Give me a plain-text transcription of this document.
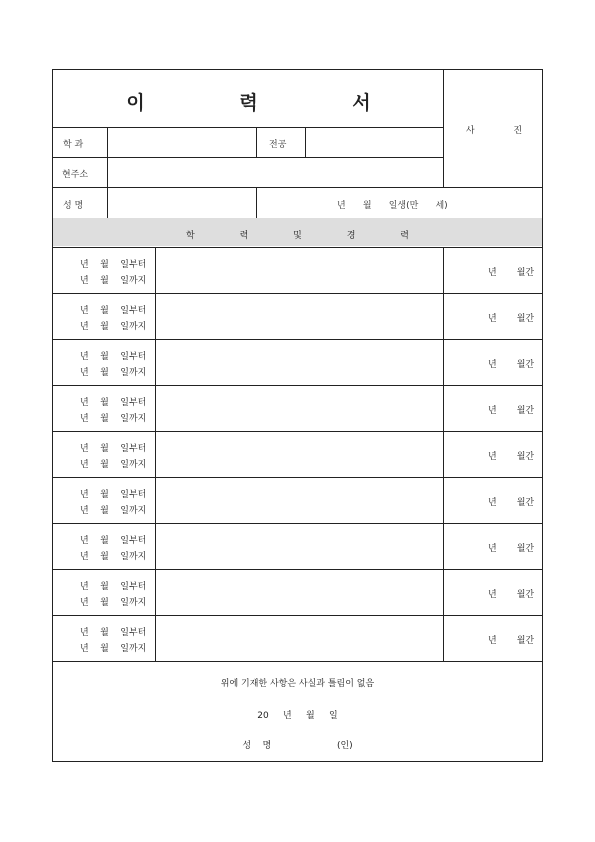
이 력 서
사 진
학 과	전공
현주소
성 명	년      월      일생(만      세)
학 력 및 경 력
년    월    일부터
년    월    일까지
년       월간
년    월    일부터
년    월    일까지
년       월간
년    월    일부터
년    월    일까지
년       월간
년    월    일부터
년    월    일까지
년       월간
년    월    일부터
년    월    일까지
년       월간
년    월    일부터
년    월    일까지
년       월간
년    월    일부터
년    월    일까지
년       월간
년    월    일부터
년    월    일까지
년       월간
년    월    일부터
년    월    일까지
년       월간
위에 기재한 사항은 사실과 틀림이 없음
20     년     월     일
성    명                       (인)
